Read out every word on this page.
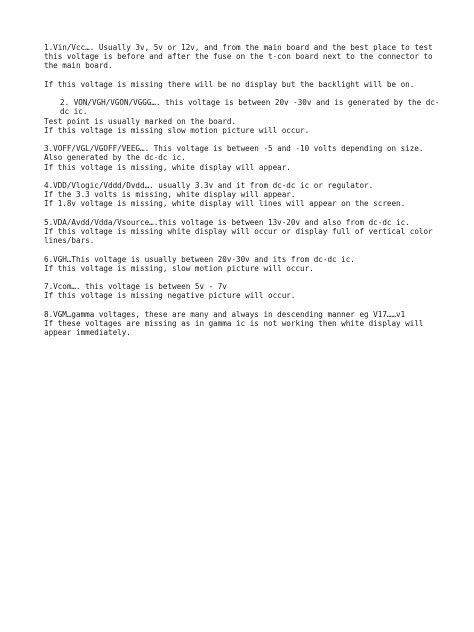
1.Vin/Vcc…. Usually 3v, 5v or 12v, and from the main board and the best place to test this voltage is before and after the fuse on the t-con board next to the connector to the main board.

If this voltage is missing there will be no display but the backlight will be on.

2. VON/VGH/VGON/VGGG…. this voltage is between 20v -30v and is generated by the dc-dc ic.
Test point is usually marked on the board.
If this voltage is missing slow motion picture will occur.

3.VOFF/VGL/VGOFF/VEEG…. This voltage is between -5 and -10 volts depending on size. Also generated by the dc-dc ic.
If this voltage is missing, white display will appear.

4.VDD/Vlogic/Vddd/Dvdd…. usually 3.3v and it from dc-dc ic or regulator.
If the 3.3 volts is missing, white display will appear.
If 1.8v voltage is missing, white display will lines will appear on the screen.

5.VDA/Avdd/Vdda/Vsource….this voltage is between 13v-20v and also from dc-dc ic.
If this voltage is missing white display will occur or display full of vertical color lines/bars.

6.VGH…This voltage is usually between 20v-30v and its from dc-dc ic.
If this voltage is missing, slow motion picture will occur.

7.Vcom…. this voltage is between 5v - 7v
If this voltage is missing negative picture will occur.

8.VGM…gamma voltages, these are many and always in descending manner eg V17……v1
If these voltages are missing as in gamma ic is not working then white display will appear immediately.
